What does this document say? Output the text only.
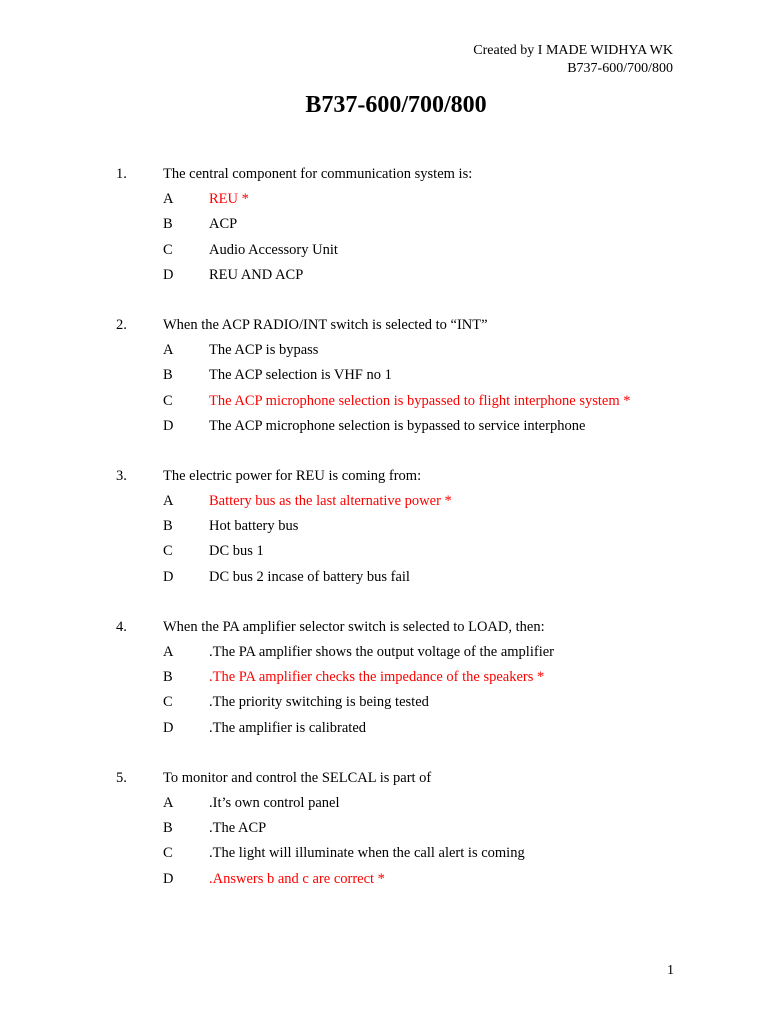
Created by I MADE WIDHYA WK
B737-600/700/800
B737-600/700/800
1. The central component for communication system is:
A REU *
B	ACP
C	Audio Accessory Unit
D REU AND ACP
2. When the ACP RADIO/INT switch is selected to “INT”
A The ACP is bypass
B	The ACP selection is VHF no 1
C	The ACP microphone selection is bypassed to flight interphone system *
D The ACP microphone selection is bypassed to service interphone
3. The electric power for REU is coming from:
A Battery bus as the last alternative power *
B	Hot battery bus
C	DC bus 1
D DC bus 2 incase of battery bus fail
4. When the PA amplifier selector switch is selected to LOAD, then:
A .The PA amplifier shows the output voltage of the amplifier
B	.The PA amplifier checks the impedance of the speakers *
C	.The priority switching is being tested
D .The amplifier is calibrated
5. To monitor and control the SELCAL is part of
A .It’s own control panel
B	.The ACP
C	.The light will illuminate when the call alert is coming
D .Answers b and c are correct *
1
